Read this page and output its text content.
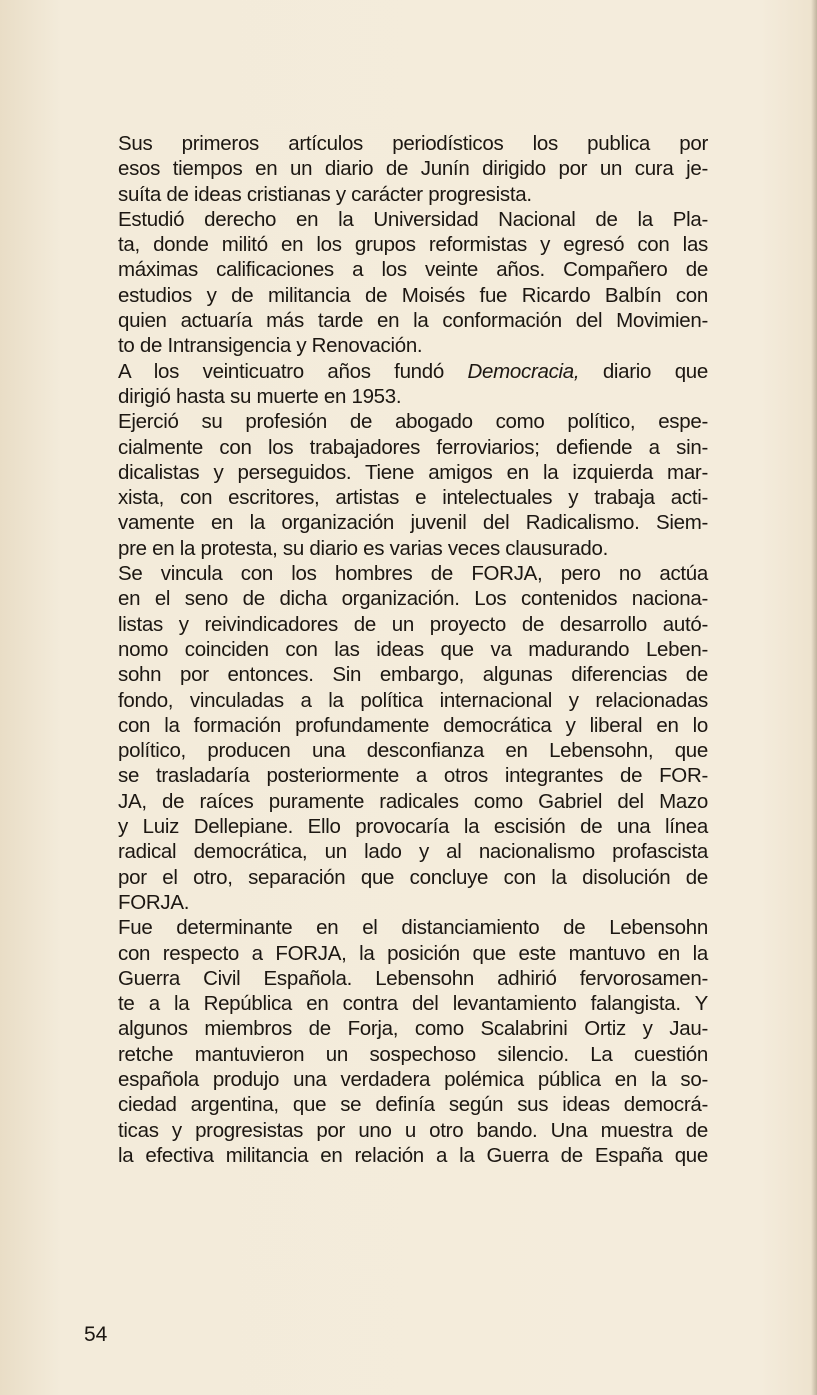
Sus primeros artículos periodísticos los publica por
esos tiempos en un diario de Junín dirigido por un cura je-
suíta de ideas cristianas y carácter progresista.
Estudió derecho en la Universidad Nacional de la Pla-
ta, donde militó en los grupos reformistas y egresó con las
máximas calificaciones a los veinte años. Compañero de
estudios y de militancia de Moisés fue Ricardo Balbín con
quien actuaría más tarde en la conformación del Movimien-
to de Intransigencia y Renovación.
A los veinticuatro años fundó Democracia, diario que
dirigió hasta su muerte en 1953.
Ejerció su profesión de abogado como político, espe-
cialmente con los trabajadores ferroviarios; defiende a sin-
dicalistas y perseguidos. Tiene amigos en la izquierda mar-
xista, con escritores, artistas e intelectuales y trabaja acti-
vamente en la organización juvenil del Radicalismo. Siem-
pre en la protesta, su diario es varias veces clausurado.
Se vincula con los hombres de FORJA, pero no actúa
en el seno de dicha organización. Los contenidos naciona-
listas y reivindicadores de un proyecto de desarrollo autó-
nomo coinciden con las ideas que va madurando Leben-
sohn por entonces. Sin embargo, algunas diferencias de
fondo, vinculadas a la política internacional y relacionadas
con la formación profundamente democrática y liberal en lo
político, producen una desconfianza en Lebensohn, que
se trasladaría posteriormente a otros integrantes de FOR-
JA, de raíces puramente radicales como Gabriel del Mazo
y Luiz Dellepiane. Ello provocaría la escisión de una línea
radical democrática, un lado y al nacionalismo profascista
por el otro, separación que concluye con la disolución de
FORJA.
Fue determinante en el distanciamiento de Lebensohn
con respecto a FORJA, la posición que este mantuvo en la
Guerra Civil Española. Lebensohn adhirió fervorosamen-
te a la República en contra del levantamiento falangista. Y
algunos miembros de Forja, como Scalabrini Ortiz y Jau-
retche mantuvieron un sospechoso silencio. La cuestión
española produjo una verdadera polémica pública en la so-
ciedad argentina, que se definía según sus ideas democrá-
ticas y progresistas por uno u otro bando. Una muestra de
la efectiva militancia en relación a la Guerra de España que
54
